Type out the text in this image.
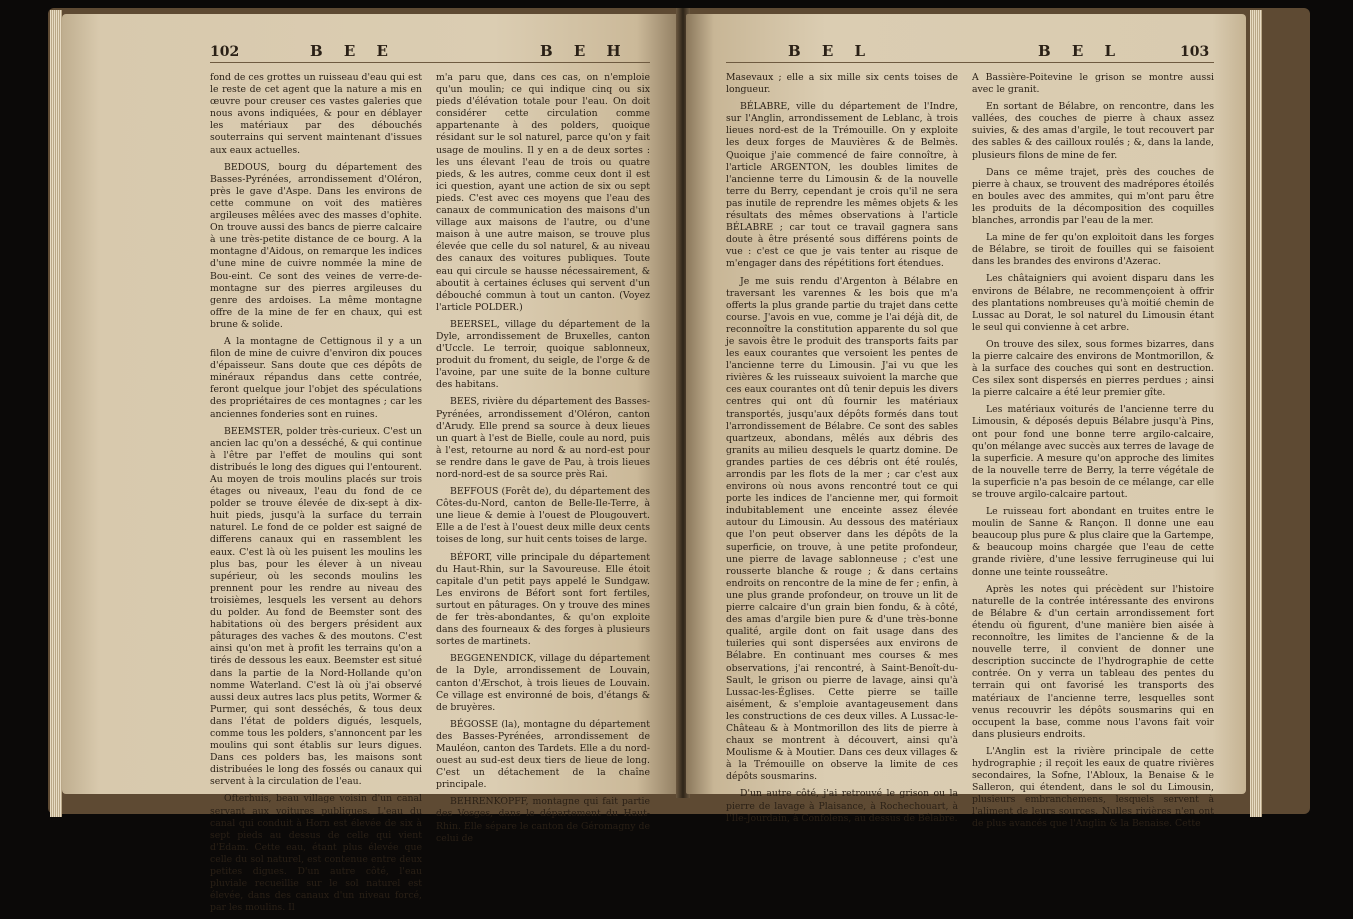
102	B E E	B E H

fond de ces grottes un ruisseau d'eau qui est le reste de cet agent que la nature a mis en œuvre pour creuser ces vastes galeries que nous avons indiquées, & pour en déblayer les matériaux par des débouchés souterrains qui servent maintenant d'issues aux eaux actuelles.

BEDOUS, bourg du département des Basses-Pyrénées, arrondissement d'Oléron, près le gave d'Aspe. Dans les environs de cette commune on voit des matières argileuses mêlées avec des masses d'ophite. On trouve aussi des bancs de pierre calcaire à une très-petite distance de ce bourg. A la montagne d'Aidous, on remarque les indices d'une mine de cuivre nommée la mine de Bou-eint. Ce sont des veines de verre-de-montagne sur des pierres argileuses du genre des ardoises. La même montagne offre de la mine de fer en chaux, qui est brune & solide.

A la montagne de Cettignous il y a un filon de mine de cuivre d'environ dix pouces d'épaisseur. Sans doute que ces dépôts de minéraux répandus dans cette contrée, feront quelque jour l'objet des spéculations des propriétaires de ces montagnes ; car les anciennes fonderies sont en ruines.

BEEMSTER, polder très-curieux. C'est un ancien lac qu'on a desséché, & qui continue à l'être par l'effet de moulins qui sont distribués le long des digues qui l'entourent. Au moyen de trois moulins placés sur trois étages ou niveaux, l'eau du fond de ce polder se trouve élevée de dix-sept à dix-huit pieds, jusqu'à la surface du terrain naturel. Le fond de ce polder est saigné de differens canaux qui en rassemblent les eaux. C'est là où les puisent les moulins les plus bas, pour les élever à un niveau supérieur, où les seconds moulins les prennent pour les rendre au niveau des troisièmes, lesquels les versent au dehors du polder. Au fond de Beemster sont des habitations où des bergers président aux pâturages des vaches & des moutons. C'est ainsi qu'on met à profit les terrains qu'on a tirés de dessous les eaux. Beemster est situé dans la partie de la Nord-Hollande qu'on nomme Waterland. C'est là où j'ai observé aussi deux autres lacs plus petits, Wormer & Purmer, qui sont desséchés, & tous deux dans l'état de polders digués, lesquels, comme tous les polders, s'annoncent par les moulins qui sont établis sur leurs digues. Dans ces polders bas, les maisons sont distribuées le long des fossés ou canaux qui servent à la circulation de l'eau.

Ofterhuis, beau village voisin d'un canal servant aux voitures publiques. L'eau du canal qui conduit à Horn est élevée de six à sept pieds au dessus de celle qui vient d'Edam. Cette eau, étant plus élevée que celle du sol naturel, est contenue entre deux petites digues. D'un autre côté, l'eau pluviale recueillie sur le sol naturel est élevée, dans des canaux d'un niveau forcé, par les moulins. Il

m'a paru que, dans ces cas, on n'emploie qu'un moulin; ce qui indique cinq ou six pieds d'élévation totale pour l'eau. On doit considérer cette circulation comme appartenante à des polders, quoique résidant sur le sol naturel, parce qu'on y fait usage de moulins. Il y en a de deux sortes : les uns élevant l'eau de trois ou quatre pieds, & les autres, comme ceux dont il est ici question, ayant une action de six ou sept pieds. C'est avec ces moyens que l'eau des canaux de communication des maisons d'un village aux maisons de l'autre, ou d'une maison à une autre maison, se trouve plus élevée que celle du sol naturel, & au niveau des canaux des voitures publiques. Toute eau qui circule se hausse nécessairement, & aboutit à certaines écluses qui servent d'un débouché commun à tout un canton. (Voyez l'article POLDER.)

BEERSEL, village du département de la Dyle, arrondissement de Bruxelles, canton d'Uccle. Le terroir, quoique sablonneux, produit du froment, du seigle, de l'orge & de l'avoine, par une suite de la bonne culture des habitans.

BEES, rivière du département des Basses-Pyrénées, arrondissement d'Oléron, canton d'Arudy. Elle prend sa source à deux lieues un quart à l'est de Bielle, coule au nord, puis à l'est, retourne au nord & au nord-est pour se rendre dans le gave de Pau, à trois lieues nord-nord-est de sa source près Rai.

BEFFOUS (Forêt de), du département des Côtes-du-Nord, canton de Belle-Ile-Terre, à une lieue & demie à l'ouest de Plougouvert. Elle a de l'est à l'ouest deux mille deux cents toises de long, sur huit cents toises de large.

BÉFORT, ville principale du département du Haut-Rhin, sur la Savoureuse. Elle étoit capitale d'un petit pays appelé le Sundgaw. Les environs de Béfort sont fort fertiles, surtout en pâturages. On y trouve des mines de fer très-abondantes, & qu'on exploite dans des fourneaux & des forges à plusieurs sortes de martinets.

BEGGENENDICK, village du département de la Dyle, arrondissement de Louvain, canton d'Ærschot, à trois lieues de Louvain. Ce village est environné de bois, d'étangs & de bruyères.

BÉGOSSE (la), montagne du département des Basses-Pyrénées, arrondissement de Mauléon, canton des Tardets. Elle a du nord-ouest au sud-est deux tiers de lieue de long. C'est un détachement de la chaîne principale.

BEHRENKOPFF, montagne qui fait partie des Vosges, dans le département du Haut-Rhin. Elle sépare le canton de Géromagny de celui de

B E L	B E L	103

Masevaux ; elle a six mille six cents toises de longueur.

BÉLABRE, ville du département de l'Indre, sur l'Anglin, arrondissement de Leblanc, à trois lieues nord-est de la Trémouille. On y exploite les deux forges de Mauvières & de Belmès. Quoique j'aie commencé de faire connoître, à l'article ARGENTON, les doubles limites de l'ancienne terre du Limousin & de la nouvelle terre du Berry, cependant je crois qu'il ne sera pas inutile de reprendre les mêmes objets & les résultats des mêmes observations à l'article BÉLABRE ; car tout ce travail gagnera sans doute à être présenté sous différens points de vue : c'est ce que je vais tenter au risque de m'engager dans des répétitions fort étendues.

Je me suis rendu d'Argenton à Bélabre en traversant les varennes & les bois que m'a offerts la plus grande partie du trajet dans cette course. J'avois en vue, comme je l'ai déjà dit, de reconnoître la constitution apparente du sol que je savois être le produit des transports faits par les eaux courantes que versoient les pentes de l'ancienne terre du Limousin. J'ai vu que les rivières & les ruisseaux suivoient la marche que ces eaux courantes ont dû tenir depuis les divers centres qui ont dû fournir les matériaux transportés, jusqu'aux dépôts formés dans tout l'arrondissement de Bélabre. Ce sont des sables quartzeux, abondans, mêlés aux débris des granits au milieu desquels le quartz domine. De grandes parties de ces débris ont été roulés, arrondis par les flots de la mer ; car c'est aux environs où nous avons rencontré tout ce qui porte les indices de l'ancienne mer, qui formoit indubitablement une enceinte assez élevée autour du Limousin. Au dessous des matériaux que l'on peut observer dans les dépôts de la superficie, on trouve, à une petite profondeur, une pierre de lavage sablonneuse ; c'est une rousserte blanche & rouge ; & dans certains endroits on rencontre de la mine de fer ; enfin, à une plus grande profondeur, on trouve un lit de pierre calcaire d'un grain bien fondu, & à côté, des amas d'argile bien pure & d'une très-bonne qualité, argile dont on fait usage dans des tuileries qui sont dispersées aux environs de Bélabre. En continuant mes courses & mes observations, j'ai rencontré, à Saint-Benoît-du-Sault, le grison ou pierre de lavage, ainsi qu'à Lussac-les-Églises. Cette pierre se taille aisément, & s'emploie avantageusement dans les constructions de ces deux villes. A Lussac-le-Château & à Montmorillon des lits de pierre à chaux se montrent à découvert, ainsi qu'à Moulisme & à Moutier. Dans ces deux villages & à la Trémouille on observe la limite de ces dépôts sousmarins.

D'un autre côté, j'ai retrouvé le grison ou la pierre de lavage à Plaisance, à Rochechouart, à l'Ile-Jourdain, à Confolens, au dessus de Bélabre.

A Bassière-Poitevine le grison se montre aussi avec le granit.

En sortant de Bélabre, on rencontre, dans les vallées, des couches de pierre à chaux assez suivies, & des amas d'argile, le tout recouvert par des sables & des cailloux roulés ; &, dans la lande, plusieurs filons de mine de fer.

Dans ce même trajet, près des couches de pierre à chaux, se trouvent des madrépores étoilés en boules avec des ammites, qui m'ont paru être les produits de la décomposition des coquilles blanches, arrondis par l'eau de la mer.

La mine de fer qu'on exploitoit dans les forges de Bélabre, se tiroit de fouilles qui se faisoient dans les brandes des environs d'Azerac.

Les châtaigniers qui avoient disparu dans les environs de Bélabre, ne recommençoient à offrir des plantations nombreuses qu'à moitié chemin de Lussac au Dorat, le sol naturel du Limousin étant le seul qui convienne à cet arbre.

On trouve des silex, sous formes bizarres, dans la pierre calcaire des environs de Montmorillon, & à la surface des couches qui sont en destruction. Ces silex sont dispersés en pierres perdues ; ainsi la pierre calcaire a été leur premier gîte.

Les matériaux voiturés de l'ancienne terre du Limousin, & déposés depuis Bélabre jusqu'à Pins, ont pour fond une bonne terre argilo-calcaire, qu'on mélange avec succès aux terres de lavage de la superficie. A mesure qu'on approche des limites de la nouvelle terre de Berry, la terre végétale de la superficie n'a pas besoin de ce mélange, car elle se trouve argilo-calcaire partout.

Le ruisseau fort abondant en truites entre le moulin de Sanne & Rançon. Il donne une eau beaucoup plus pure & plus claire que la Gartempe, & beaucoup moins chargée que l'eau de cette grande rivière, d'une lessive ferrugineuse qui lui donne une teinte rousseâtre.

Après les notes qui précèdent sur l'histoire naturelle de la contrée intéressante des environs de Bélabre & d'un certain arrondissement fort étendu où figurent, d'une manière bien aisée à reconnoître, les limites de l'ancienne & de la nouvelle terre, il convient de donner une description succincte de l'hydrographie de cette contrée. On y verra un tableau des pentes du terrain qui ont favorisé les transports des matériaux de l'ancienne terre, lesquelles sont venus recouvrir les dépôts sousmarins qui en occupent la base, comme nous l'avons fait voir dans plusieurs endroits.

L'Anglin est la rivière principale de cette hydrographie ; il reçoit les eaux de quatre rivières secondaires, la Sofne, l'Abloux, la Benaise & le Salleron, qui étendent, dans le sol du Limousin, plusieurs embranchemens, lesquels servent à l'aliment de leurs sources. Nulles rivières n'en ont de plus avancés que l'Anglin & la Benaise. Cette
